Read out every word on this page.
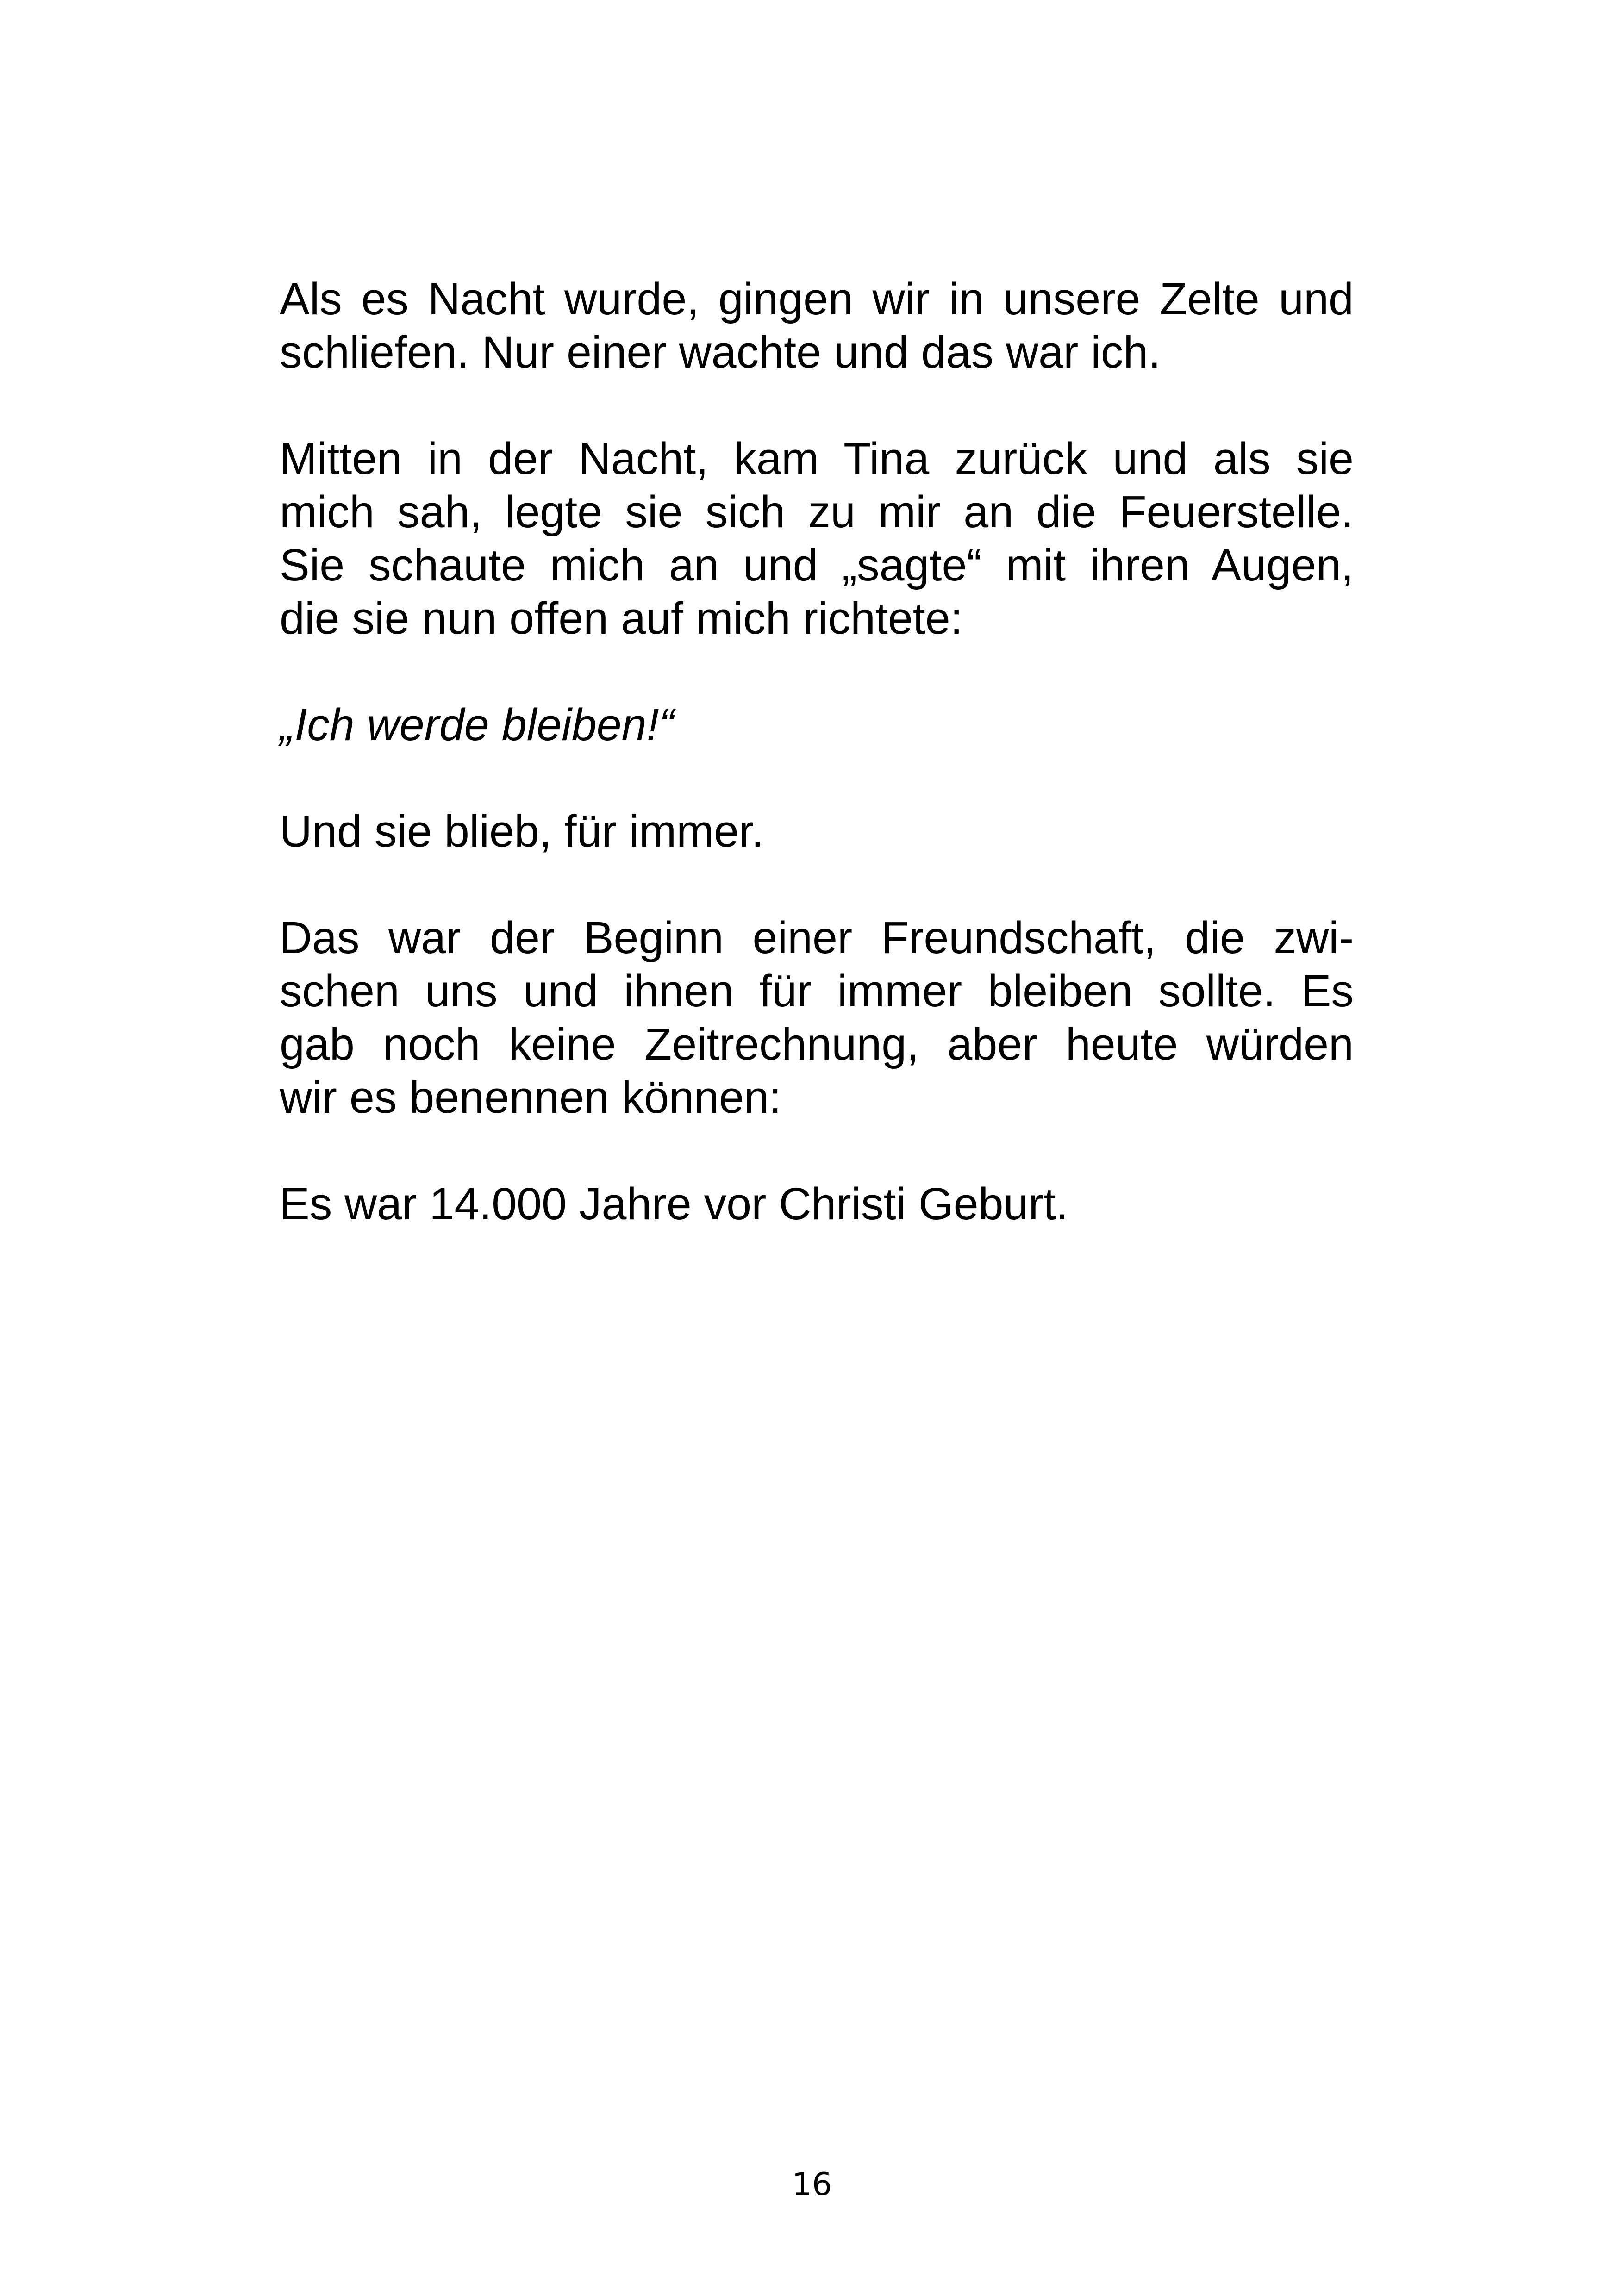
Als es Nacht wurde, gingen wir in unsere Zelte und
schliefen. Nur einer wachte und das war ich.

Mitten in der Nacht, kam Tina zurück und als sie
mich sah, legte sie sich zu mir an die Feuerstelle.
Sie schaute mich an und „sagte“ mit ihren Augen,
die sie nun offen auf mich richtete:

„Ich werde bleiben!“

Und sie blieb, für immer.

Das war der Beginn einer Freundschaft, die zwi-
schen uns und ihnen für immer bleiben sollte. Es
gab noch keine Zeitrechnung, aber heute würden
wir es benennen können:

Es war 14.000 Jahre vor Christi Geburt.

16
